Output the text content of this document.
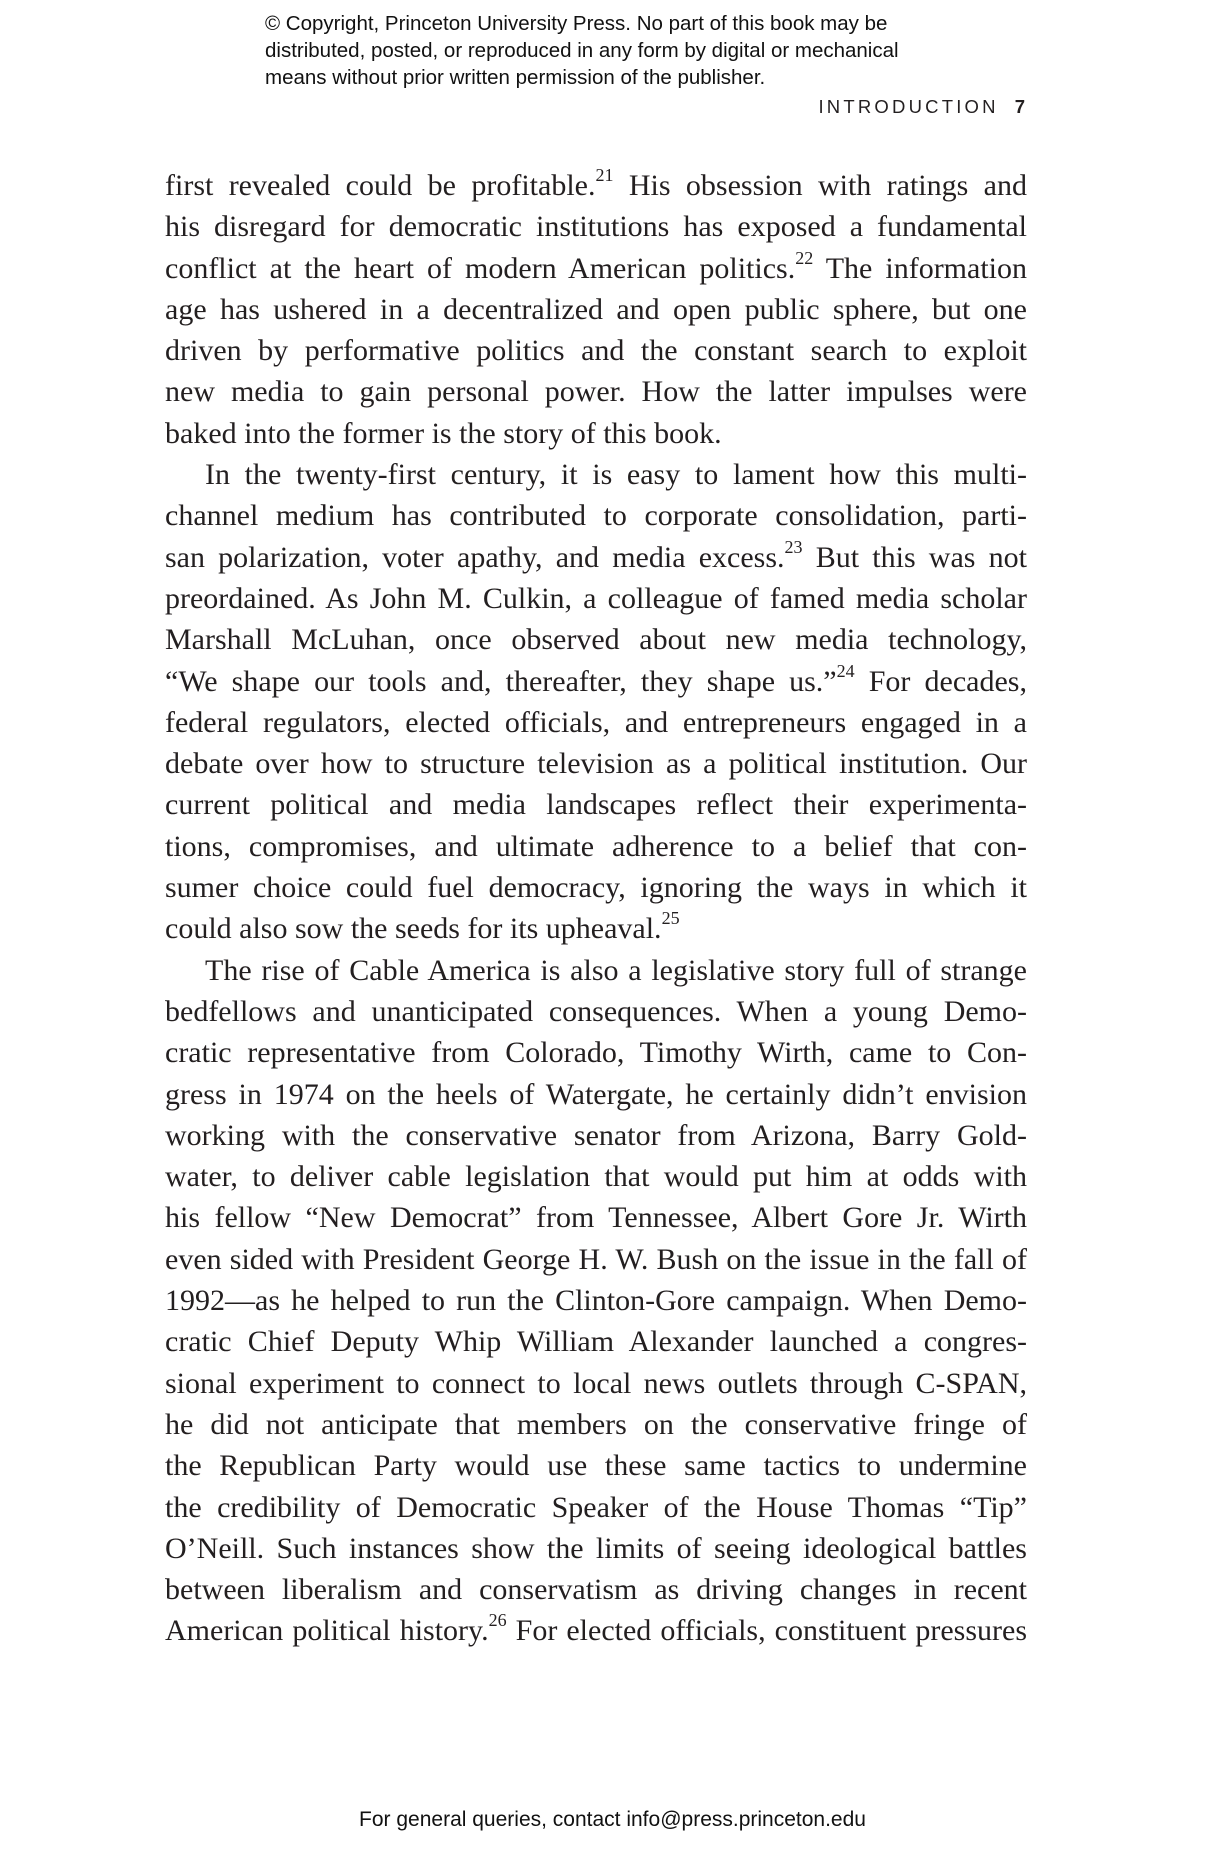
© Copyright, Princeton University Press. No part of this book may be
distributed, posted, or reproduced in any form by digital or mechanical
means without prior written permission of the publisher.
INTRODUCTION 7
first revealed could be profitable.$^{21}$ His obsession with ratings and
his disregard for democratic institutions has exposed a fundamental
conflict at the heart of modern American politics.$^{22}$ The information
age has ushered in a decentralized and open public sphere, but one
driven by performative politics and the constant search to exploit
new media to gain personal power. How the latter impulses were
baked into the former is the story of this book.
In the twenty-first century, it is easy to lament how this multi-
channel medium has contributed to corporate consolidation, parti-
san polarization, voter apathy, and media excess.$^{23}$ But this was not
preordained. As John M. Culkin, a colleague of famed media scholar
Marshall McLuhan, once observed about new media technology,
“We shape our tools and, thereafter, they shape us.”$^{24}$ For decades,
federal regulators, elected officials, and entrepreneurs engaged in a
debate over how to structure television as a political institution. Our
current political and media landscapes reflect their experimenta-
tions, compromises, and ultimate adherence to a belief that con-
sumer choice could fuel democracy, ignoring the ways in which it
could also sow the seeds for its upheaval.$^{25}$
The rise of Cable America is also a legislative story full of strange
bedfellows and unanticipated consequences. When a young Demo-
cratic representative from Colorado, Timothy Wirth, came to Con-
gress in 1974 on the heels of Watergate, he certainly didn’t envision
working with the conservative senator from Arizona, Barry Gold-
water, to deliver cable legislation that would put him at odds with
his fellow “New Democrat” from Tennessee, Albert Gore Jr. Wirth
even sided with President George H. W. Bush on the issue in the fall of
1992—as he helped to run the Clinton-Gore campaign. When Demo-
cratic Chief Deputy Whip William Alexander launched a congres-
sional experiment to connect to local news outlets through C-SPAN,
he did not anticipate that members on the conservative fringe of
the Republican Party would use these same tactics to undermine
the credibility of Democratic Speaker of the House Thomas “Tip”
O’Neill. Such instances show the limits of seeing ideological battles
between liberalism and conservatism as driving changes in recent
American political history.$^{26}$ For elected officials, constituent pressures
For general queries, contact info@press.princeton.edu
